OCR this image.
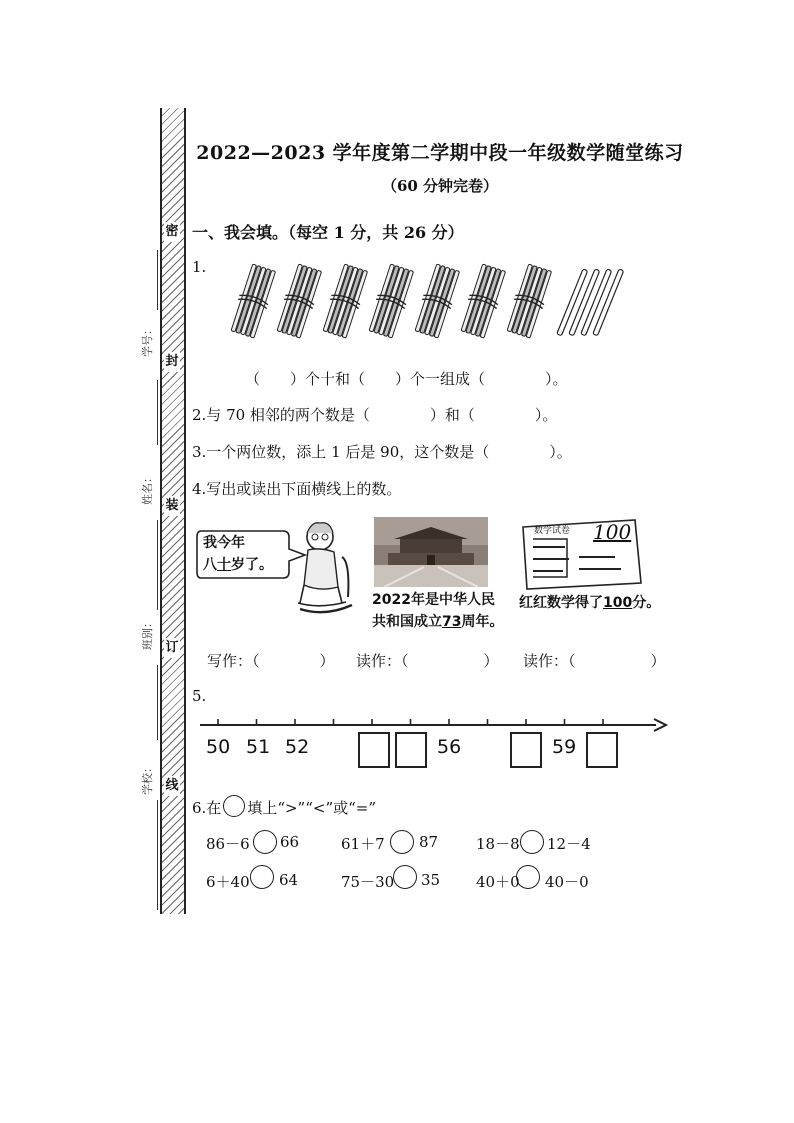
密
封
装
订
线
学号：
姓名：
班别：
学校：
2022—2023 学年度第二学期中段一年级数学随堂练习
（60 分钟完卷）
一、我会填。（每空 1 分，共 26 分）
1.
（　　）个十和（　　）个一组成（　　　　）。
2.与 70 相邻的两个数是（　　　　）和（　　　　）。
3.一个两位数，添上 1 后是 90，这个数是（　　　　）。
4.写出或读出下面横线上的数。
我今年
八十岁了。
2022年是中华人民
共和国成立73周年。
数学试卷 100
红红数学得了100分。
写作：（　　　　） 读作：（　　　　　） 读作：（　　　　　）
5.
50 51 52	56	59
6.在 填上“>”“<”或“=”
86－6 66	61＋7 87	18－8 12－4
6＋40 64	75－30 35 40＋0 40－0
